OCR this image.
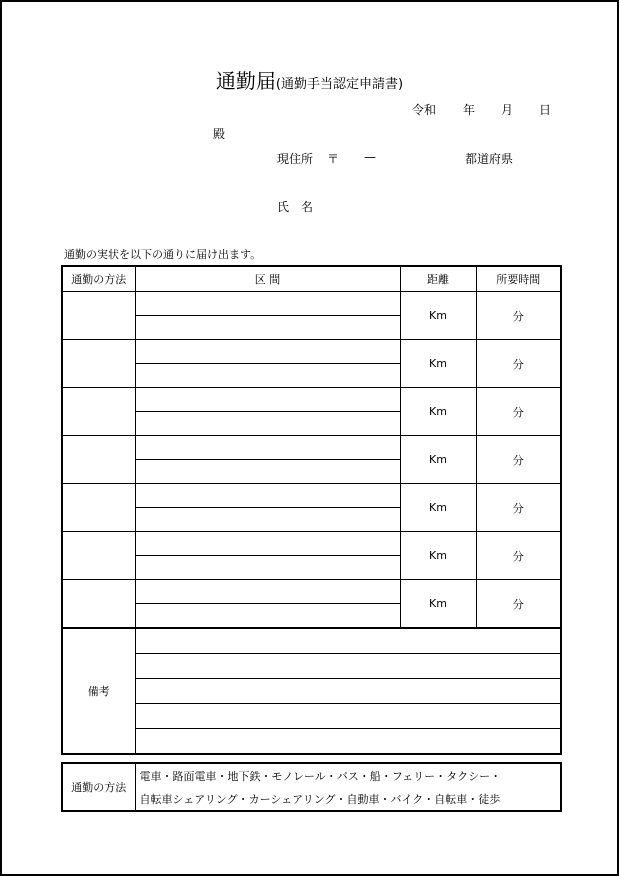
通勤届(通勤手当認定申請書)
令和 年 月 日
殿
現住所 〒 —	都道府県
氏　名
通勤の実状を以下の通りに届け出ます。
通勤の方法	区 間	距離	所要時間

	Km	分

	Km	分

	Km	分

	Km	分

	Km	分

	Km	分

	Km	分
備考			
通勤の方法	電車・路面電車・地下鉄・モノレール・バス・船・フェリー・タクシー・
自転車シェアリング・カーシェアリング・自動車・バイク・自転車・徒歩
